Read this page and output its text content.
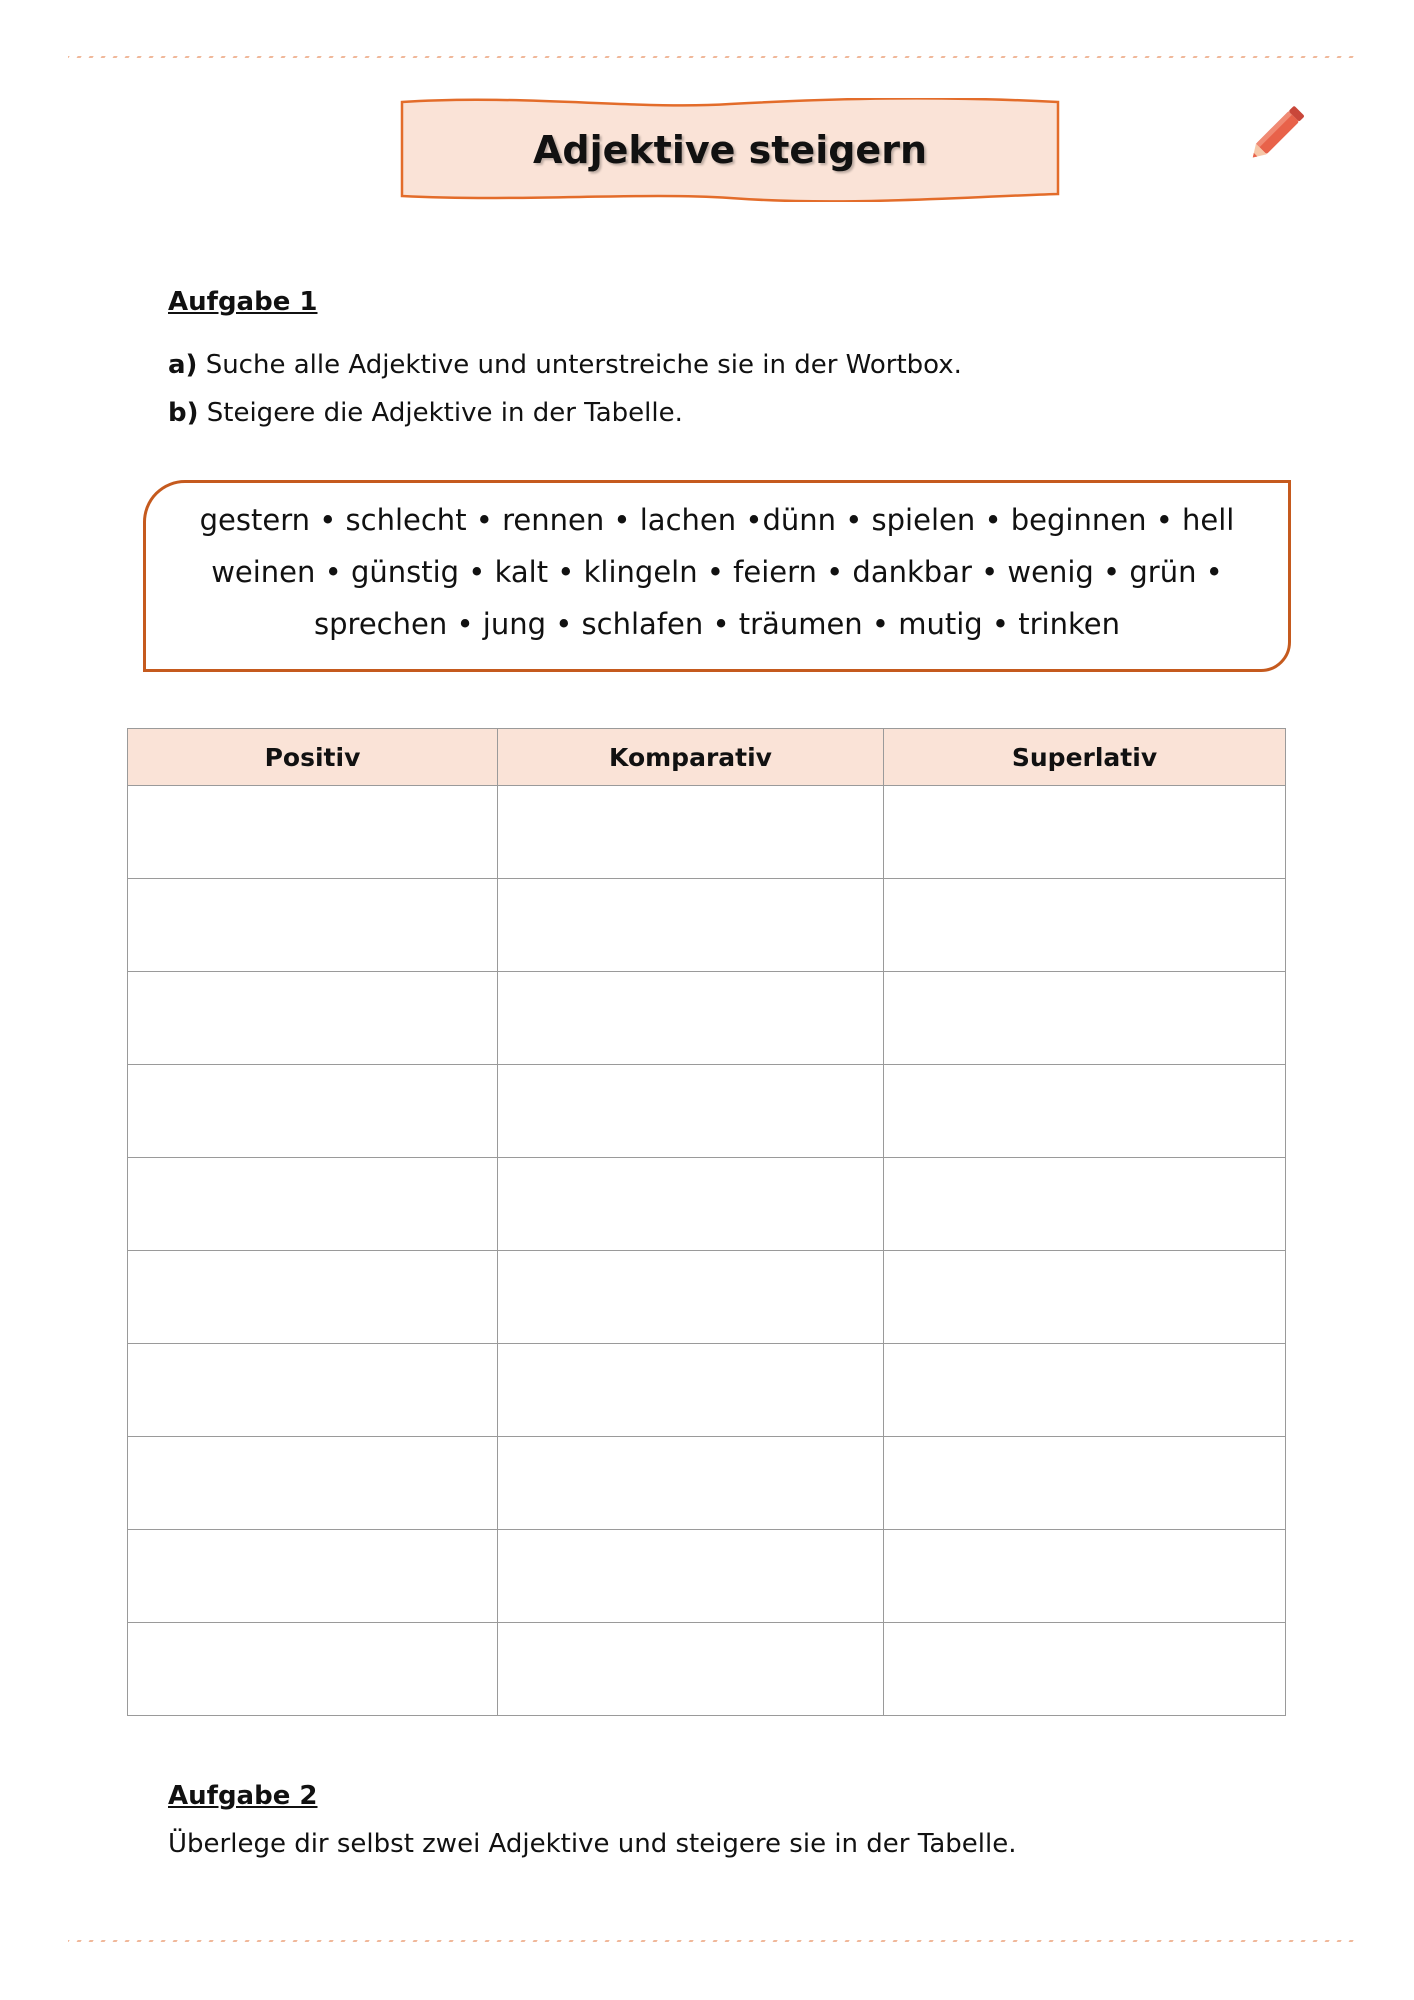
Adjektive steigern
Aufgabe 1
a) Suche alle Adjektive und unterstreiche sie in der Wortbox.
b) Steigere die Adjektive in der Tabelle.
gestern • schlecht • rennen • lachen •dünn • spielen • beginnen • hell
weinen • günstig • kalt • klingeln • feiern • dankbar • wenig • grün •
sprechen • jung • schlafen • träumen • mutig • trinken
Positiv	Komparativ	Superlativ

Aufgabe 2
Überlege dir selbst zwei Adjektive und steigere sie in der Tabelle.
